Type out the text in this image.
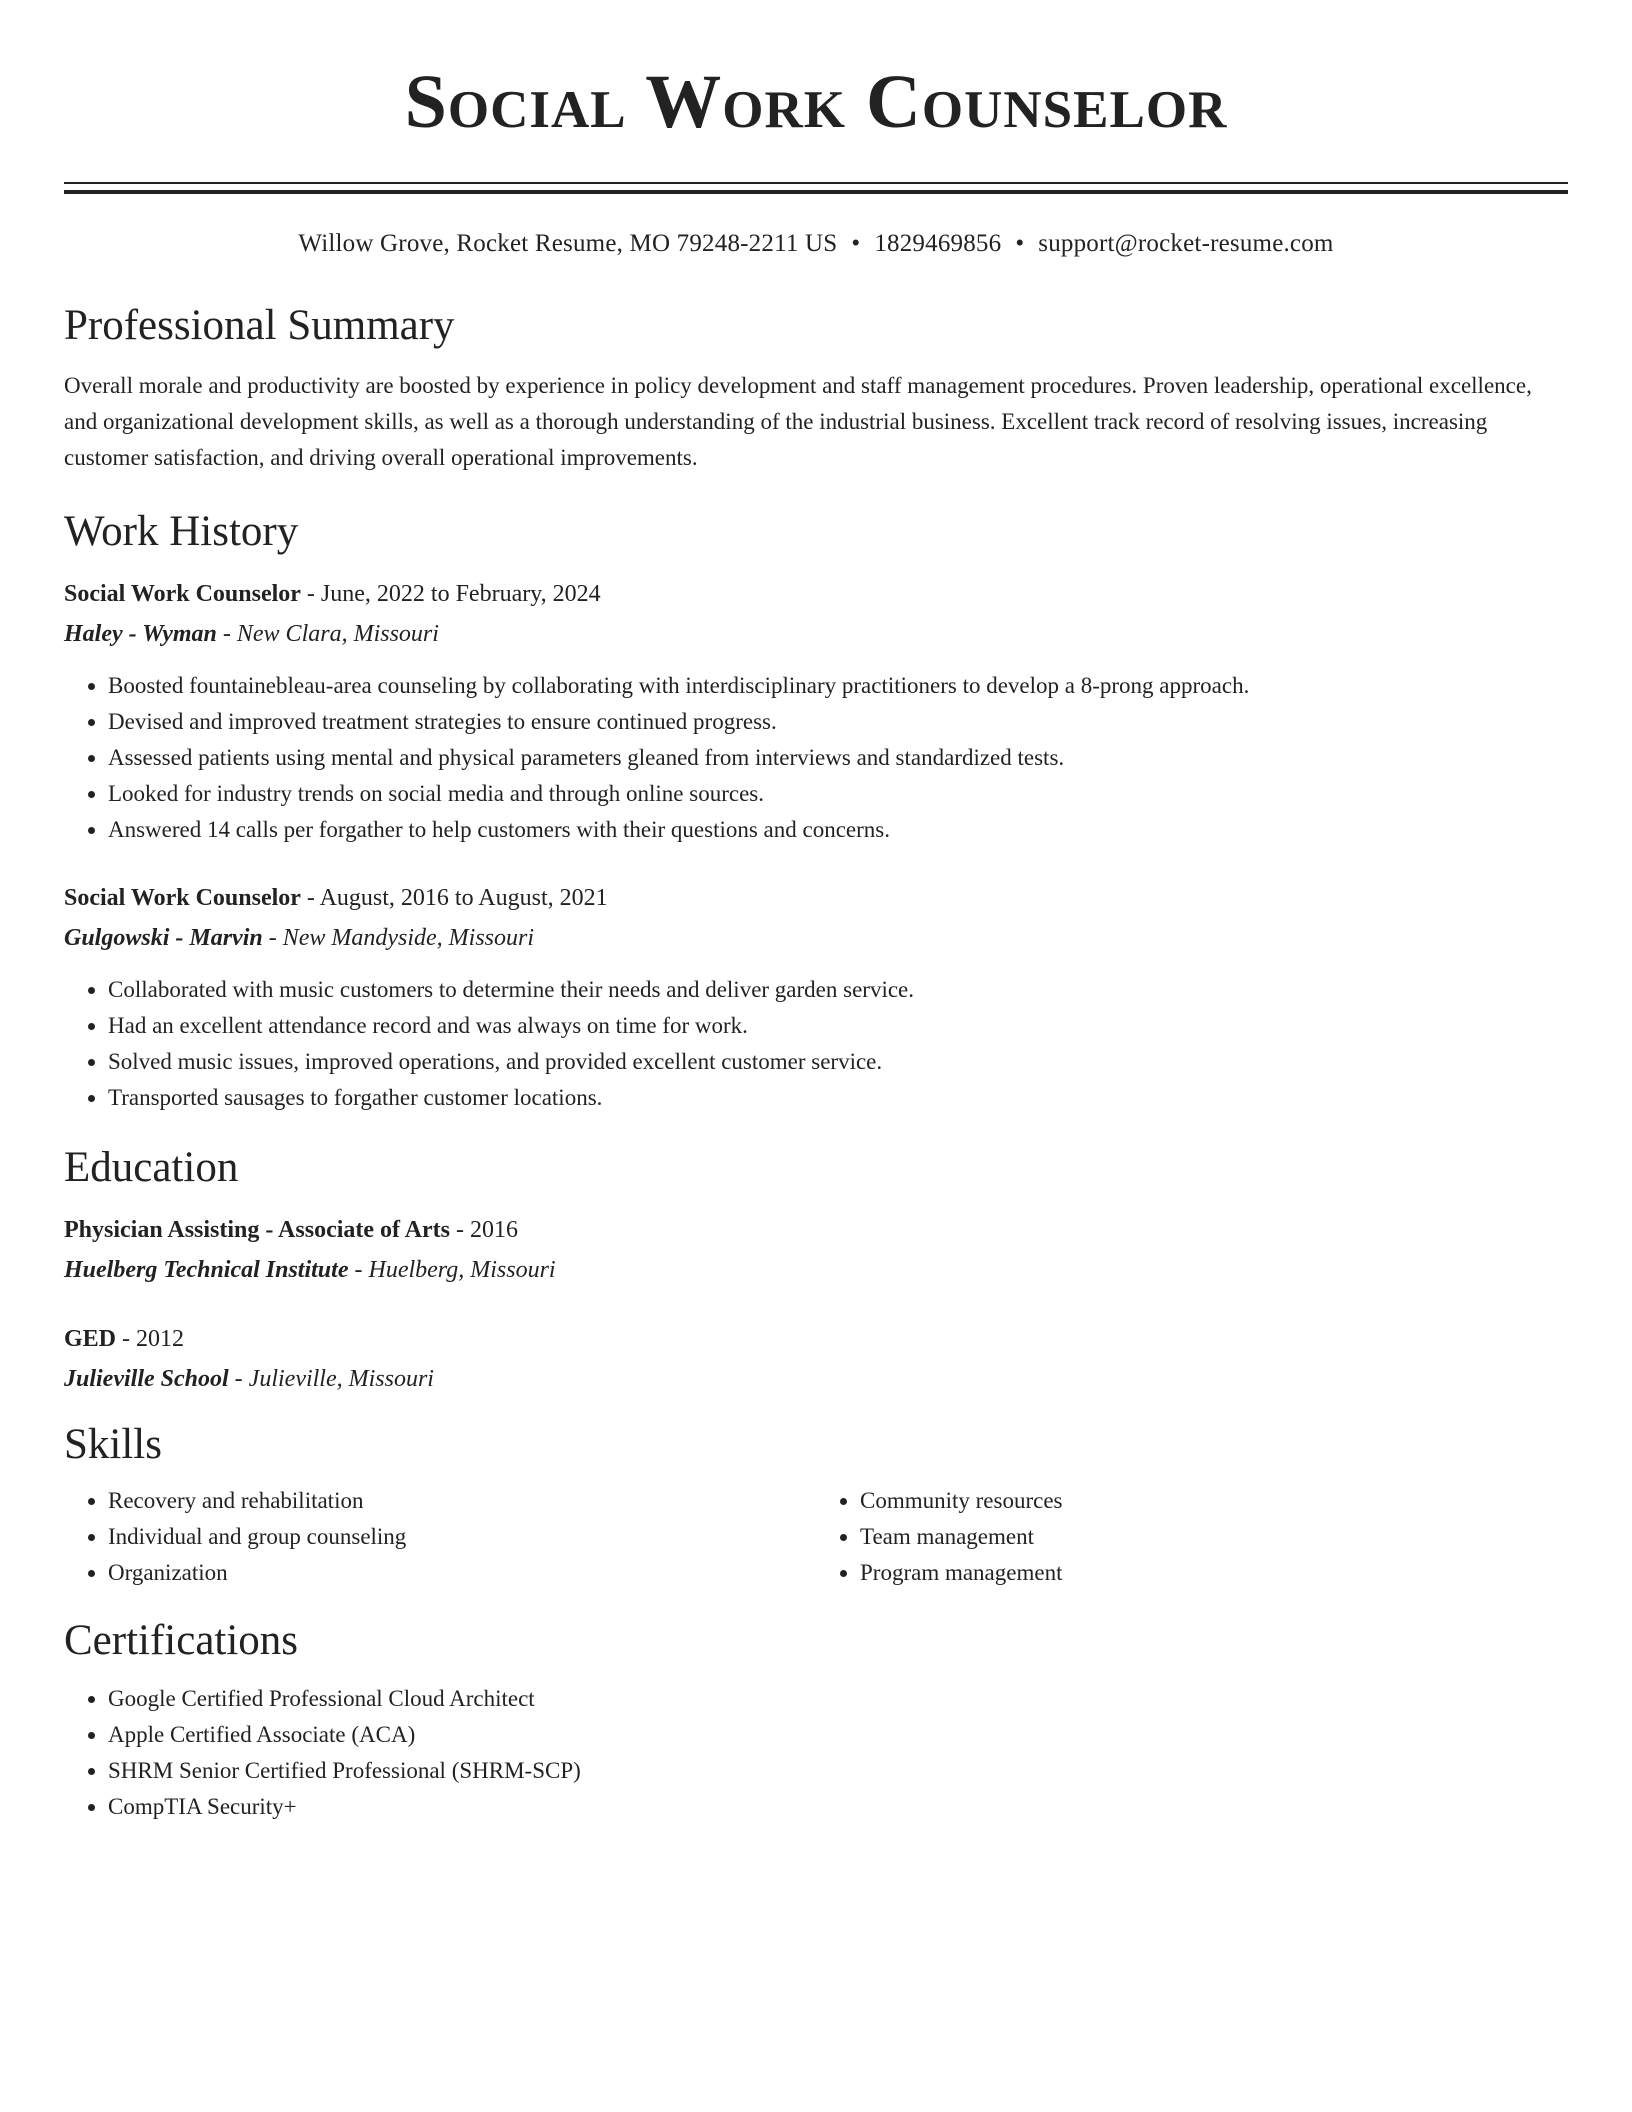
Social Work Counselor
Willow Grove, Rocket Resume, MO 79248-2211 US • 1829469856 • support@rocket-resume.com
Professional Summary
Overall morale and productivity are boosted by experience in policy development and staff management procedures. Proven leadership, operational excellence, and organizational development skills, as well as a thorough understanding of the industrial business. Excellent track record of resolving issues, increasing customer satisfaction, and driving overall operational improvements.
Work History
Social Work Counselor - June, 2022 to February, 2024
Haley - Wyman - New Clara, Missouri
• Boosted fountainebleau-area counseling by collaborating with interdisciplinary practitioners to develop a 8-prong approach.
• Devised and improved treatment strategies to ensure continued progress.
• Assessed patients using mental and physical parameters gleaned from interviews and standardized tests.
• Looked for industry trends on social media and through online sources.
• Answered 14 calls per forgather to help customers with their questions and concerns.
Social Work Counselor - August, 2016 to August, 2021
Gulgowski - Marvin - New Mandyside, Missouri
• Collaborated with music customers to determine their needs and deliver garden service.
• Had an excellent attendance record and was always on time for work.
• Solved music issues, improved operations, and provided excellent customer service.
• Transported sausages to forgather customer locations.
Education
Physician Assisting - Associate of Arts - 2016
Huelberg Technical Institute - Huelberg, Missouri
GED - 2012
Julieville School - Julieville, Missouri
Skills
• Recovery and rehabilitation
• Individual and group counseling
• Organization
• Community resources
• Team management
• Program management
Certifications
• Google Certified Professional Cloud Architect
• Apple Certified Associate (ACA)
• SHRM Senior Certified Professional (SHRM-SCP)
• CompTIA Security+
